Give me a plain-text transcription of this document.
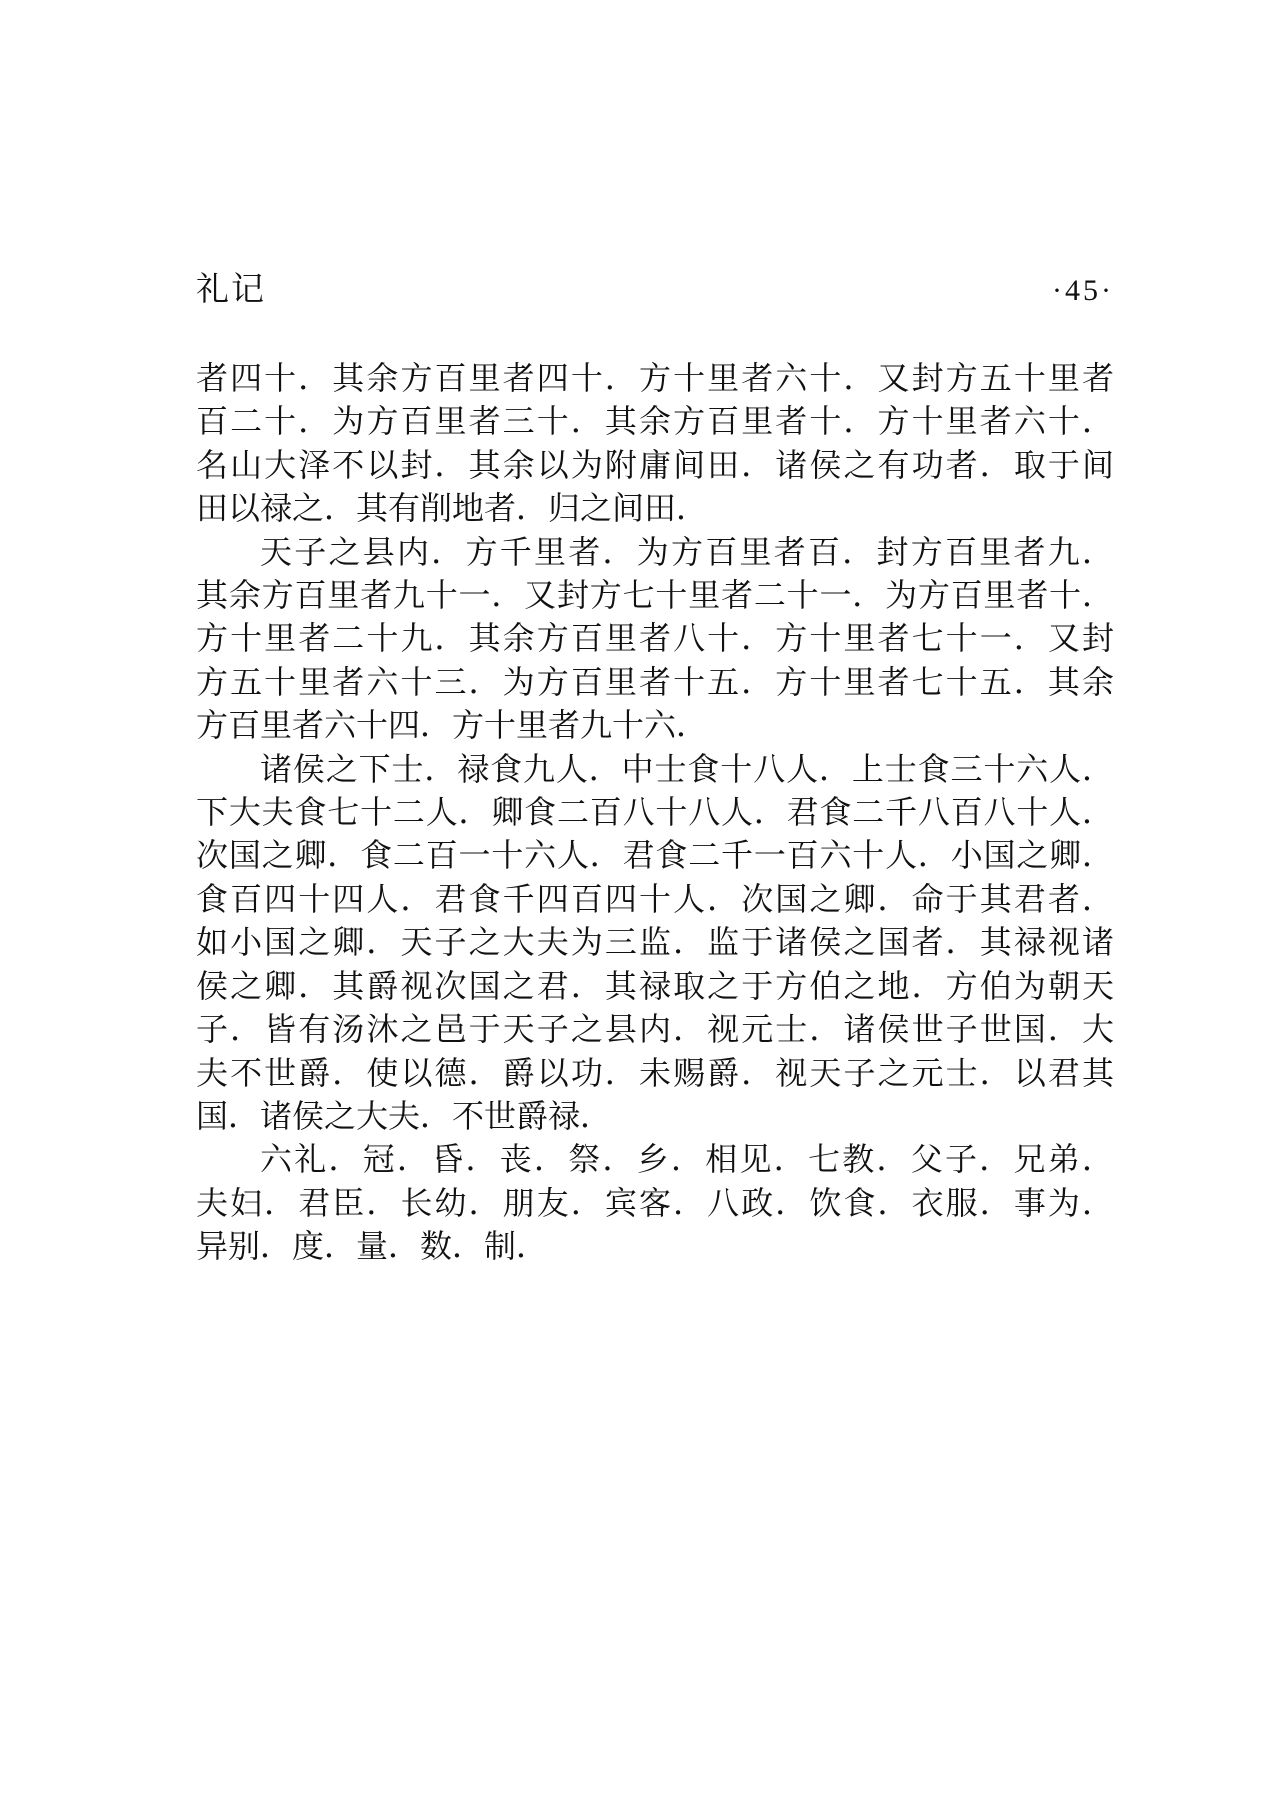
礼记	·45·
者四十．其余方百里者四十．方十里者六十．又封方五十里者
百二十．为方百里者三十．其余方百里者十．方十里者六十．
名山大泽不以封．其余以为附庸间田．诸侯之有功者．取于间
田以禄之．其有削地者．归之间田．
天子之县内．方千里者．为方百里者百．封方百里者九．
其余方百里者九十一．又封方七十里者二十一．为方百里者十．
方十里者二十九．其余方百里者八十．方十里者七十一．又封
方五十里者六十三．为方百里者十五．方十里者七十五．其余
方百里者六十四．方十里者九十六．
诸侯之下士．禄食九人．中士食十八人．上士食三十六人．
下大夫食七十二人．卿食二百八十八人．君食二千八百八十人．
次国之卿．食二百一十六人．君食二千一百六十人．小国之卿．
食百四十四人．君食千四百四十人．次国之卿．命于其君者．
如小国之卿．天子之大夫为三监．监于诸侯之国者．其禄视诸
侯之卿．其爵视次国之君．其禄取之于方伯之地．方伯为朝天
子．皆有汤沐之邑于天子之县内．视元士．诸侯世子世国．大
夫不世爵．使以德．爵以功．未赐爵．视天子之元士．以君其
国．诸侯之大夫．不世爵禄．
六礼．冠．昏．丧．祭．乡．相见．七教．父子．兄弟．
夫妇．君臣．长幼．朋友．宾客．八政．饮食．衣服．事为．
异别．度．量．数．制．
